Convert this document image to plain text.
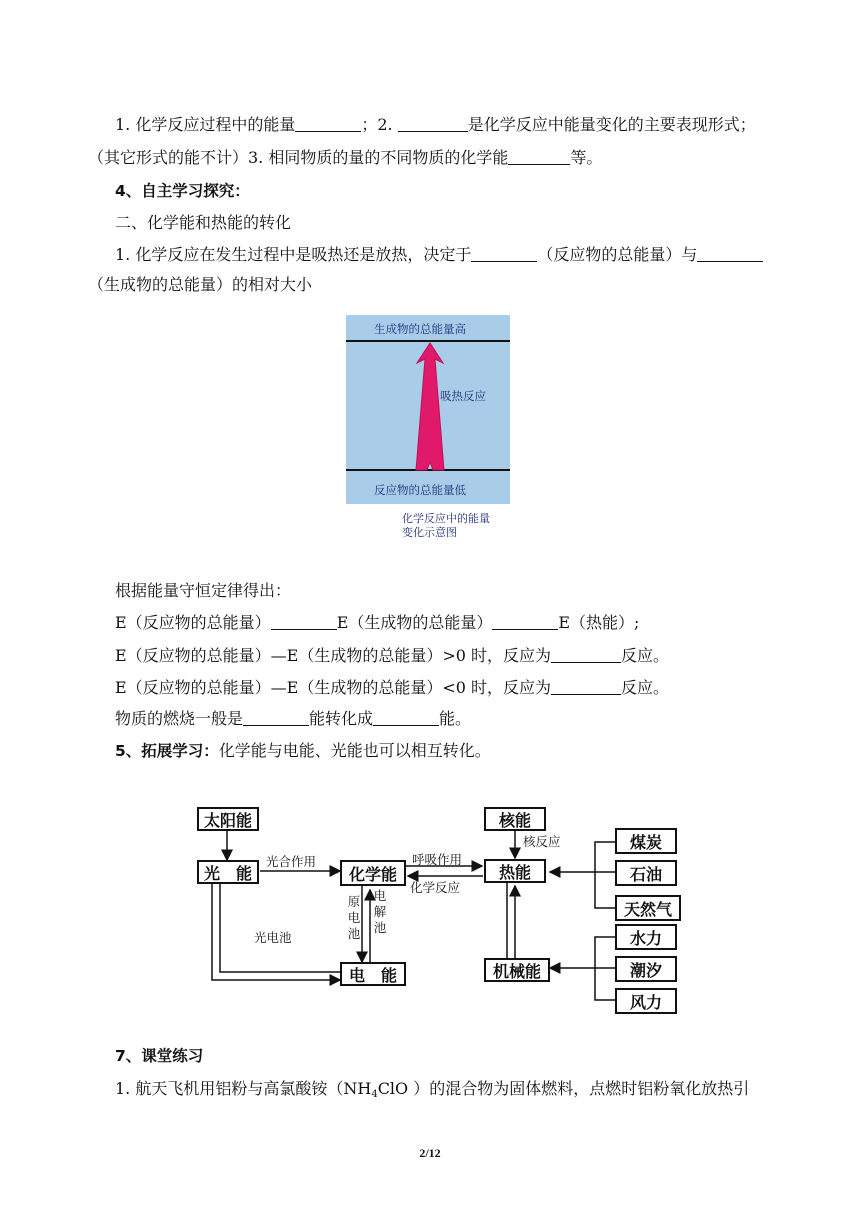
1. 化学反应过程中的能量	；2.	是化学反应中能量变化的主要表现形式；
（其它形式的能不计）3. 相同物质的量的不同物质的化学能	等。
4、自主学习探究：
二、化学能和热能的转化
1. 化学反应在发生过程中是吸热还是放热，决定于	（反应物的总能量）与
（生成物的总能量）的相对大小
生成物的总能量高
吸热反应
反应物的总能量低
化学反应中的能量
变化示意图
根据能量守恒定律得出：
E（反应物的总能量）	E（生成物的总能量）	E（热能）;
E（反应物的总能量）—E（生成物的总能量）>0 时，反应为	反应。
E（反应物的总能量）—E（生成物的总能量）<0 时，反应为	反应。
物质的燃烧一般是	能转化成	能。
5、拓展学习：化学能与电能、光能也可以相互转化。
太阳能
光　能	化学能
电　能
核能
热能
机械能
煤炭
石油
天然气
水力
潮汐
风力
光合作用	呼吸作用
化学反应
核反应
光电池
原电池
电解池
7、课堂练习
1. 航天飞机用铝粉与高氯酸铵（$NH_4ClO$ ）的混合物为固体燃料，点燃时铝粉氧化放热引
2/12
